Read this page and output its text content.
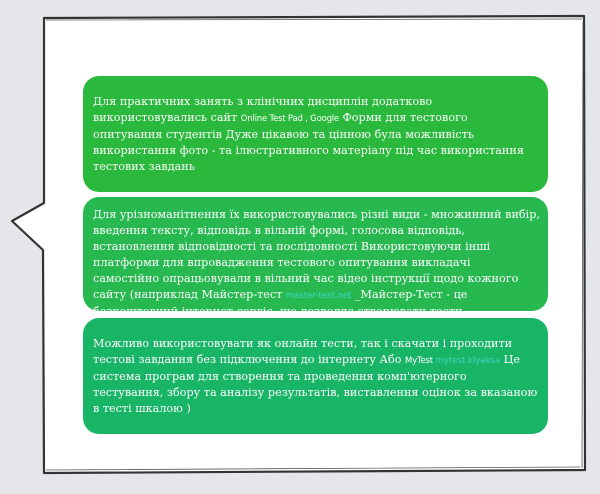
Для практичних занять з клінічних дисциплін додатково використовувались сайт Online Test Pad , Google Форми для тестового опитування студентів Дуже цікавою та цінною була можливість використання фото - та ілюстративного матеріалу під час використання тестових завдань

Для урізноманітнення їх використовувались різні види - множинний вибір, введення тексту, відповідь в вільній формі, голосова відповідь, встановлення відповідності та послідовності Використовуючи інші платформи для впровадження тестового опитування викладачі самостійно опрацьовували в вільний час відео інструкції щодо кожного сайту (наприклад Майстер-тест master-test.net _Майстер-Тест - це безкоштовний інтернет сервіс, що дозволяє створювати тести

Можливо використовувати як онлайн тести, так і скачати і проходити тестові завдання без підключення до інтернету Або MyTest mytest.klyaksa Це система програм для створення та проведення комп'ютерного тестування, збору та аналізу результатів, виставлення оцінок за вказаною в тесті шкалою )
